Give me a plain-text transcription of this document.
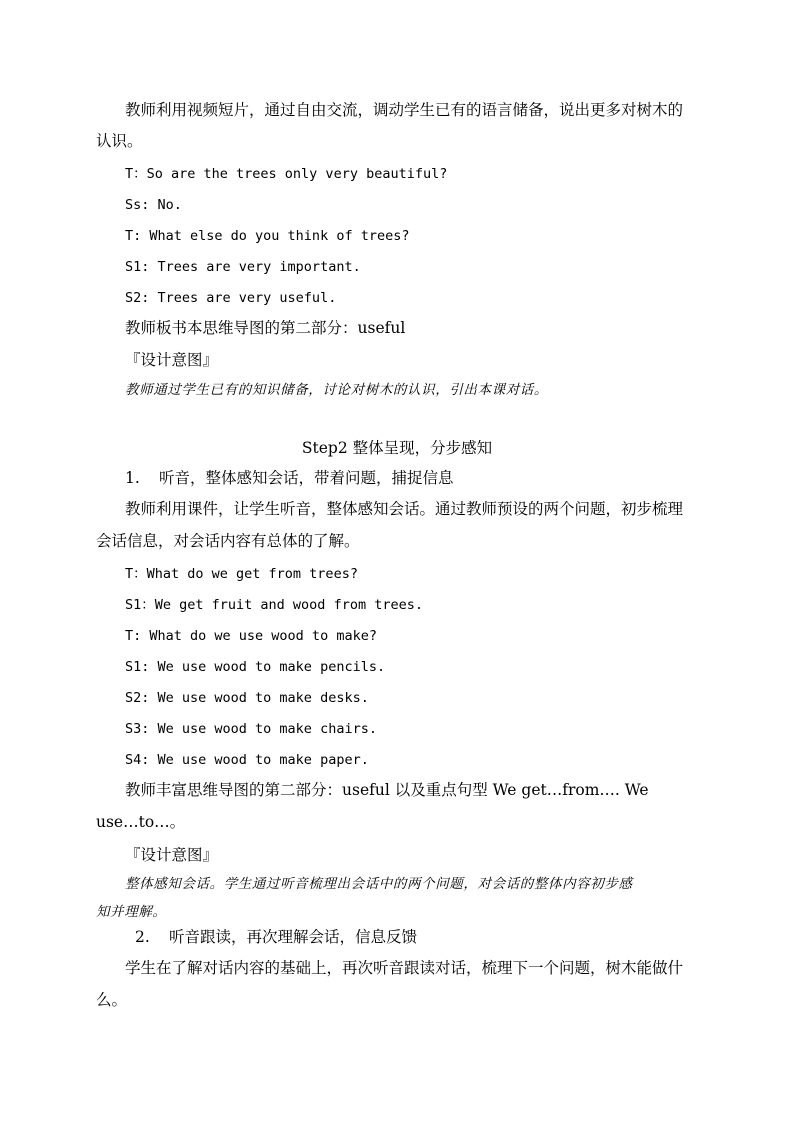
教师利用视频短片，通过自由交流，调动学生已有的语言储备，说出更多对树木的
认识。
T：So are the trees only very beautiful?
Ss: No.
T: What else do you think of trees?
S1: Trees are very important.
S2: Trees are very useful.
教师板书本思维导图的第二部分：useful
『设计意图』
教师通过学生已有的知识储备，讨论对树木的认识，引出本课对话。
Step2 整体呈现，分步感知
1. 听音，整体感知会话，带着问题，捕捉信息
教师利用课件，让学生听音，整体感知会话。通过教师预设的两个问题，初步梳理
会话信息，对会话内容有总体的了解。
T：What do we get from trees?
S1：We get fruit and wood from trees.
T: What do we use wood to make?
S1: We use wood to make pencils.
S2: We use wood to make desks.
S3: We use wood to make chairs.
S4: We use wood to make paper.
教师丰富思维导图的第二部分：useful 以及重点句型 We get…from…. We
use…to…。
『设计意图』
整体感知会话。学生通过听音梳理出会话中的两个问题，对会话的整体内容初步感
知并理解。
2. 听音跟读，再次理解会话，信息反馈
学生在了解对话内容的基础上，再次听音跟读对话，梳理下一个问题，树木能做什
么。
